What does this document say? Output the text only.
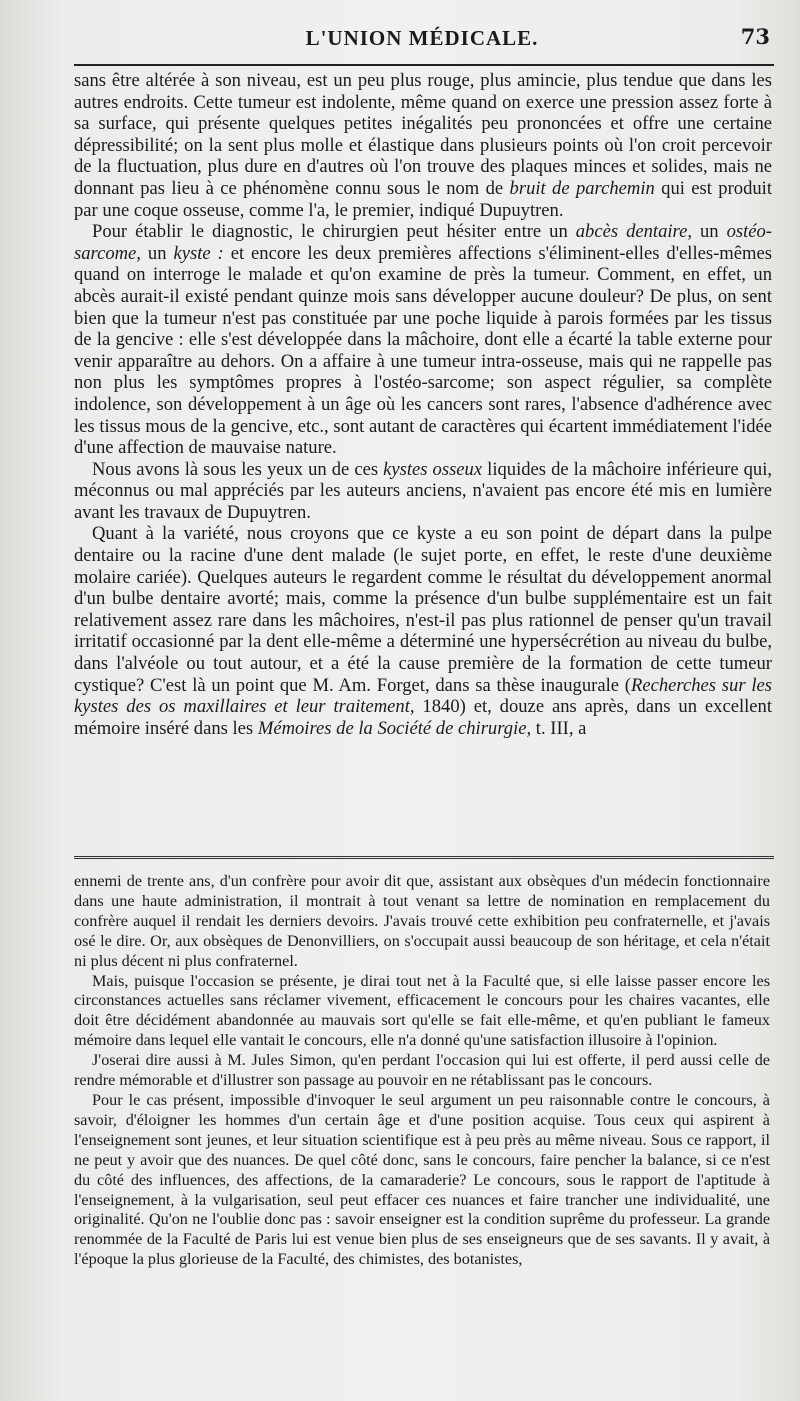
L'UNION MÉDICALE.	73

sans être altérée à son niveau, est un peu plus rouge, plus amincie, plus tendue que dans les autres endroits. Cette tumeur est indolente, même quand on exerce une pression assez forte à sa surface, qui présente quelques petites inégalités peu prononcées et offre une certaine dépressibilité; on la sent plus molle et élastique dans plusieurs points où l'on croit percevoir de la fluctuation, plus dure en d'autres où l'on trouve des plaques minces et solides, mais ne donnant pas lieu à ce phénomène connu sous le nom de bruit de parchemin qui est produit par une coque osseuse, comme l'a, le premier, indiqué Dupuytren.

Pour établir le diagnostic, le chirurgien peut hésiter entre un abcès dentaire, un ostéo-sarcome, un kyste : et encore les deux premières affections s'éliminent-elles d'elles-mêmes quand on interroge le malade et qu'on examine de près la tumeur. Comment, en effet, un abcès aurait-il existé pendant quinze mois sans développer aucune douleur? De plus, on sent bien que la tumeur n'est pas constituée par une poche liquide à parois formées par les tissus de la gencive : elle s'est développée dans la mâchoire, dont elle a écarté la table externe pour venir apparaître au dehors. On a affaire à une tumeur intra-osseuse, mais qui ne rappelle pas non plus les symptômes propres à l'ostéo-sarcome; son aspect régulier, sa complète indolence, son développement à un âge où les cancers sont rares, l'absence d'adhérence avec les tissus mous de la gencive, etc., sont autant de caractères qui écartent immédiatement l'idée d'une affection de mauvaise nature.

Nous avons là sous les yeux un de ces kystes osseux liquides de la mâchoire inférieure qui, méconnus ou mal appréciés par les auteurs anciens, n'avaient pas encore été mis en lumière avant les travaux de Dupuytren.

Quant à la variété, nous croyons que ce kyste a eu son point de départ dans la pulpe dentaire ou la racine d'une dent malade (le sujet porte, en effet, le reste d'une deuxième molaire cariée). Quelques auteurs le regardent comme le résultat du développement anormal d'un bulbe dentaire avorté; mais, comme la présence d'un bulbe supplémentaire est un fait relativement assez rare dans les mâchoires, n'est-il pas plus rationnel de penser qu'un travail irritatif occasionné par la dent elle-même a déterminé une hypersécrétion au niveau du bulbe, dans l'alvéole ou tout autour, et a été la cause première de la formation de cette tumeur cystique? C'est là un point que M. Am. Forget, dans sa thèse inaugurale (Recherches sur les kystes des os maxillaires et leur traitement, 1840) et, douze ans après, dans un excellent mémoire inséré dans les Mémoires de la Société de chirurgie, t. III, a

ennemi de trente ans, d'un confrère pour avoir dit que, assistant aux obsèques d'un médecin fonctionnaire dans une haute administration, il montrait à tout venant sa lettre de nomination en remplacement du confrère auquel il rendait les derniers devoirs. J'avais trouvé cette exhibition peu confraternelle, et j'avais osé le dire. Or, aux obsèques de Denonvilliers, on s'occupait aussi beaucoup de son héritage, et cela n'était ni plus décent ni plus confraternel.

Mais, puisque l'occasion se présente, je dirai tout net à la Faculté que, si elle laisse passer encore les circonstances actuelles sans réclamer vivement, efficacement le concours pour les chaires vacantes, elle doit être décidément abandonnée au mauvais sort qu'elle se fait elle-même, et qu'en publiant le fameux mémoire dans lequel elle vantait le concours, elle n'a donné qu'une satisfaction illusoire à l'opinion.

J'oserai dire aussi à M. Jules Simon, qu'en perdant l'occasion qui lui est offerte, il perd aussi celle de rendre mémorable et d'illustrer son passage au pouvoir en ne rétablissant pas le concours.

Pour le cas présent, impossible d'invoquer le seul argument un peu raisonnable contre le concours, à savoir, d'éloigner les hommes d'un certain âge et d'une position acquise. Tous ceux qui aspirent à l'enseignement sont jeunes, et leur situation scientifique est à peu près au même niveau. Sous ce rapport, il ne peut y avoir que des nuances. De quel côté donc, sans le concours, faire pencher la balance, si ce n'est du côté des influences, des affections, de la camaraderie? Le concours, sous le rapport de l'aptitude à l'enseignement, à la vulgarisation, seul peut effacer ces nuances et faire trancher une individualité, une originalité. Qu'on ne l'oublie donc pas : savoir enseigner est la condition suprême du professeur. La grande renommée de la Faculté de Paris lui est venue bien plus de ses enseigneurs que de ses savants. Il y avait, à l'époque la plus glorieuse de la Faculté, des chimistes, des botanistes,
